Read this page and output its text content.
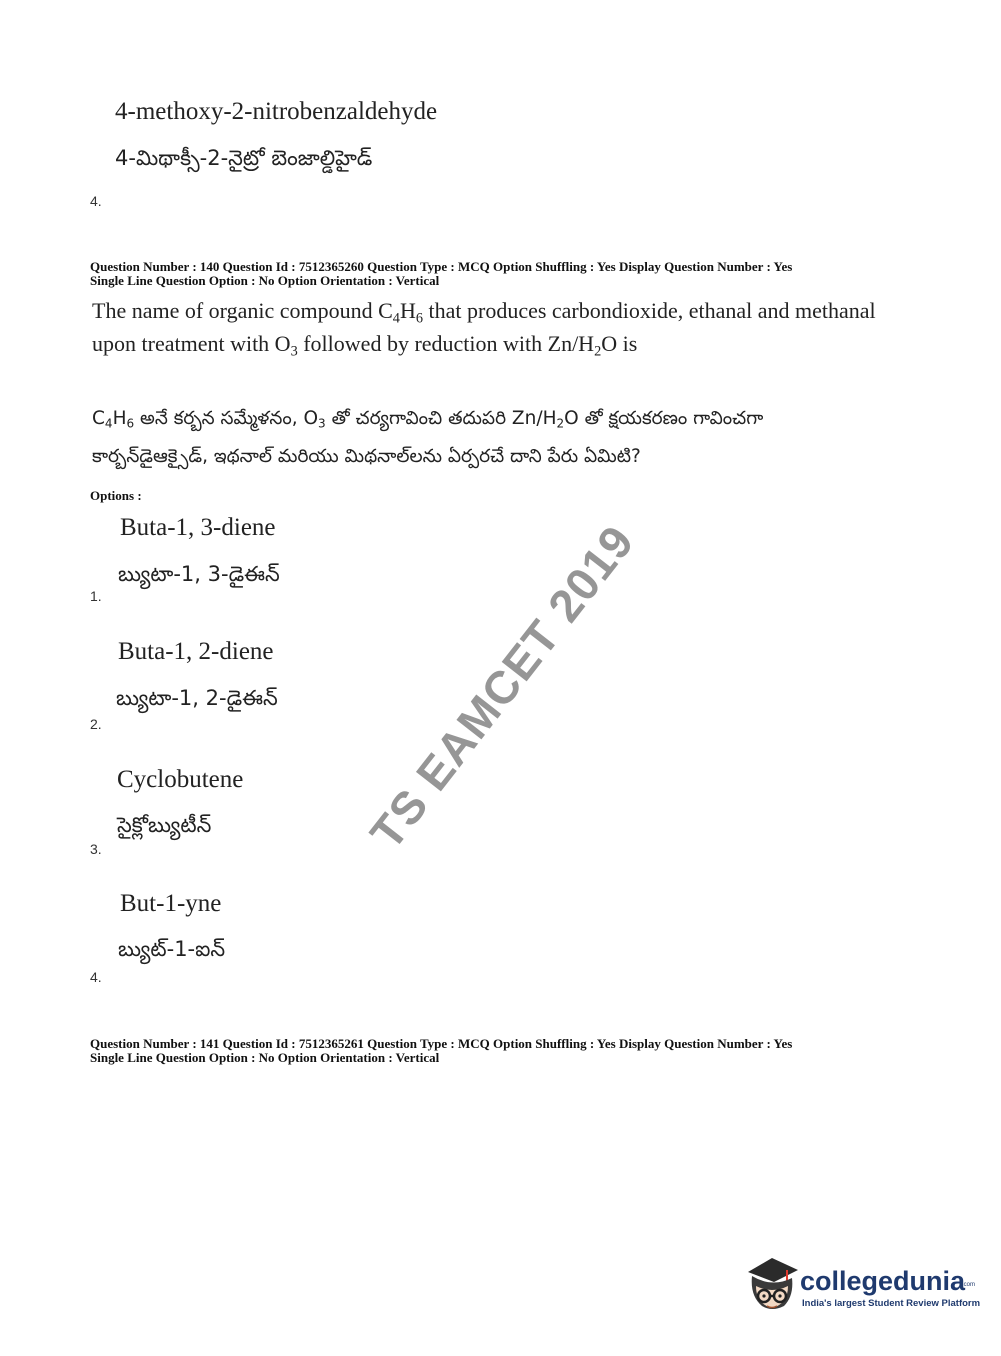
4-methoxy-2-nitrobenzaldehyde
4-మిథాక్సీ-2-నైట్రో బెంజాల్డిహైడ్
4.
Question Number : 140 Question Id : 7512365260 Question Type : MCQ Option Shuffling : Yes Display Question Number : Yes
Single Line Question Option : No Option Orientation : Vertical
The name of organic compound $C_4H_6$ that produces carbondioxide, ethanal and methanal
upon treatment with $O_3$ followed by reduction with $Zn/H_2O$ is
$C_4H_6$ అనే కర్బన సమ్మేళనం, $O_3$ తో చర్యగావించి తదుపరి $Zn/H_2O$ తో క్షయకరణం గావించగా
కార్బన్‌డైఆక్సైడ్, ఇథనాల్ మరియు మిథనాల్‌లను ఏర్పరచే దాని పేరు ఏమిటి?
Options :
Buta-1, 3-diene
బ్యుటా-1, 3-డైఈన్
1.
Buta-1, 2-diene
బ్యుటా-1, 2-డైఈన్
2.
Cyclobutene
సైక్లోబ్యుటీన్
3.
But-1-yne
బ్యుట్-1-ఐన్
4.
Question Number : 141 Question Id : 7512365261 Question Type : MCQ Option Shuffling : Yes Display Question Number : Yes
Single Line Question Option : No Option Orientation : Vertical
TS EAMCET 2019
collegedunia
.com
India's largest Student Review Platform
